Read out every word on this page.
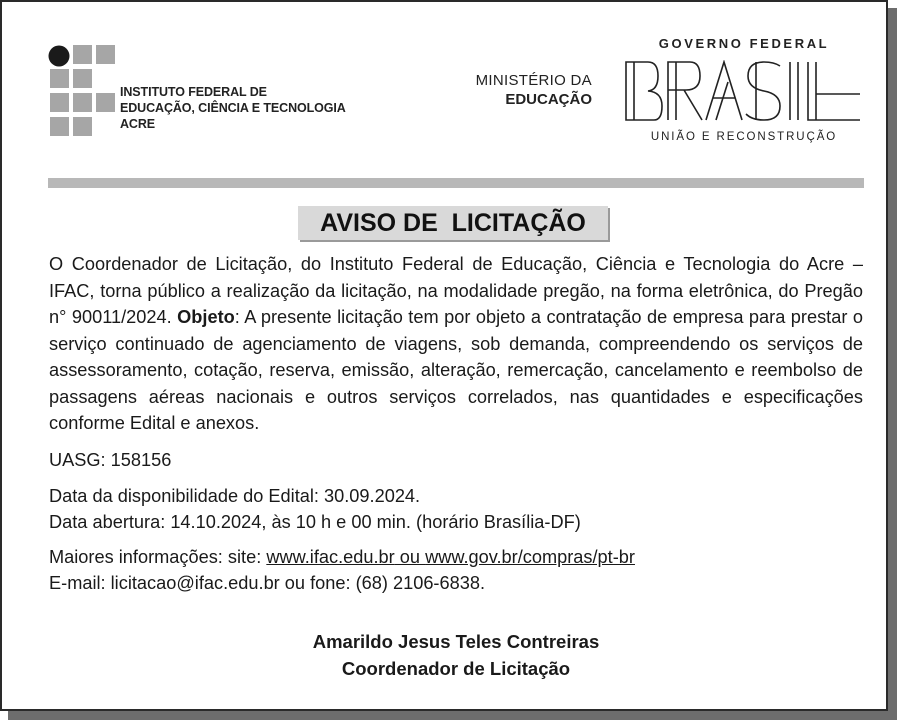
INSTITUTO FEDERAL DE
EDUCAÇÃO, CIÊNCIA E TECNOLOGIA
ACRE
MINISTÉRIO DA
EDUCAÇÃO
GOVERNO FEDERAL
UNIÃO E RECONSTRUÇÃO
AVISO DE  LICITAÇÃO

O Coordenador de Licitação, do Instituto Federal de Educação, Ciência e Tecnologia do Acre – IFAC, torna público a realização da licitação, na modalidade pregão, na forma eletrônica, do Pregão n° 90011/2024. Objeto: A presente licitação tem por objeto a contratação de empresa para prestar o serviço continuado de agenciamento de viagens, sob demanda, compreendendo os serviços de assessoramento, cotação, reserva, emissão, alteração, remercação, cancelamento e reembolso de passagens aéreas nacionais e outros serviços correlados, nas quantidades e especificações conforme Edital e anexos.

UASG: 158156

Data da disponibilidade do Edital: 30.09.2024.

Data abertura: 14.10.2024, às 10 h e 00 min. (horário Brasília-DF)

Maiores informações: site: www.ifac.edu.br ou www.gov.br/compras/pt-br

E-mail: licitacao@ifac.edu.br ou fone: (68) 2106-6838.

Amarildo Jesus Teles Contreiras
Coordenador de Licitação
